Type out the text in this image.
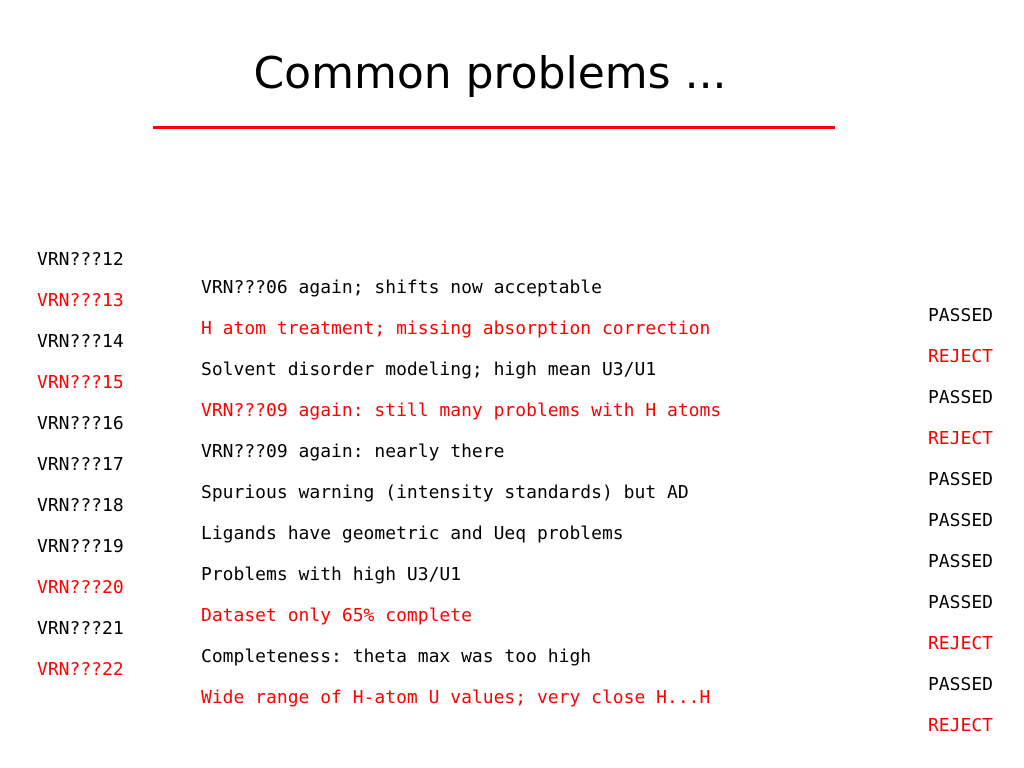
Common problems ...

VRN???12

VRN???06 again; shifts now acceptable

PASSED

VRN???13

H atom treatment; missing absorption correction

REJECT

VRN???14

Solvent disorder modeling; high mean U3/U1

PASSED

VRN???15

VRN???09 again: still many problems with H atoms

REJECT

VRN???16

VRN???09 again: nearly there

PASSED

VRN???17

Spurious warning (intensity standards) but AD

PASSED

VRN???18

Ligands have geometric and Ueq problems

PASSED

VRN???19

Problems with high U3/U1

PASSED

VRN???20

Dataset only 65% complete

REJECT

VRN???21

Completeness: theta max was too high

PASSED

VRN???22

Wide range of H-atom U values; very close H...H

REJECT
